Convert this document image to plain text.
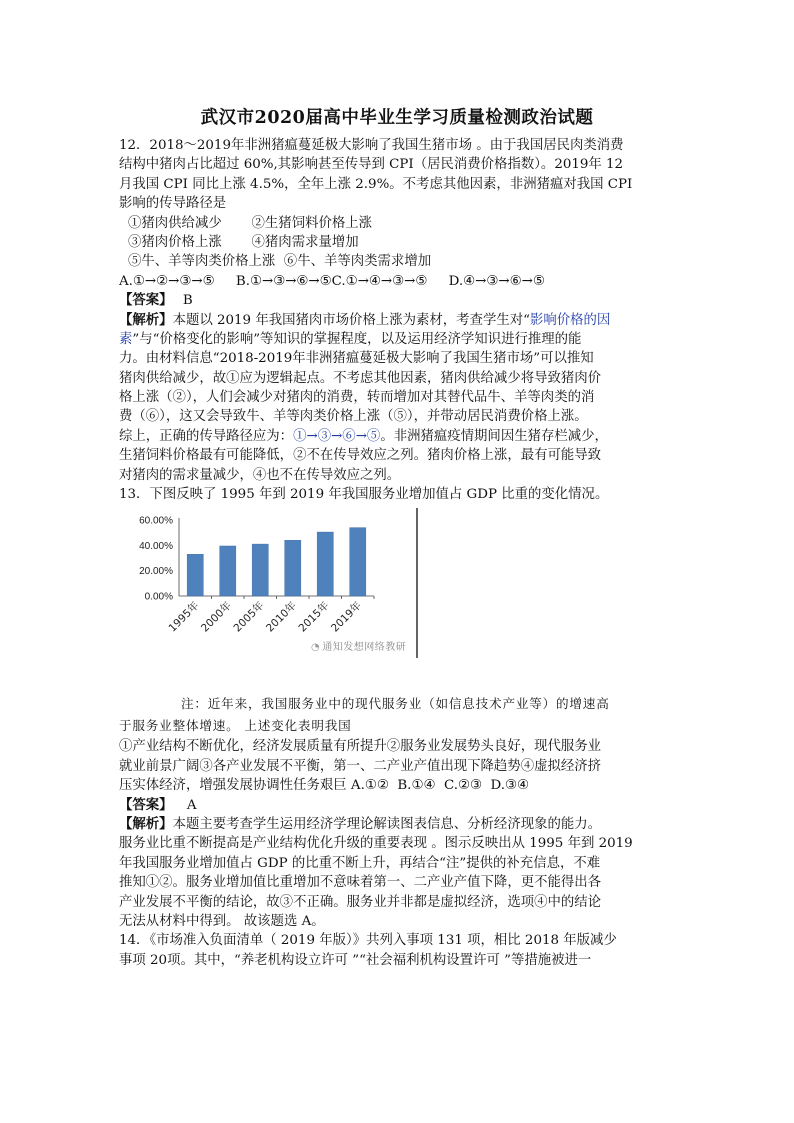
武汉市2020届高中毕业生学习质量检测政治试题
12．2018～2019年非洲猪瘟蔓延极大影响了我国生猪市场 。由于我国居民肉类消费
结构中猪肉占比超过 60%,其影响甚至传导到 CPI（居民消费价格指数）。2019年 12
月我国 CPI 同比上涨 4.5%，全年上涨 2.9%。不考虑其他因素，非洲猪瘟对我国 CPI
影响的传导路径是
①猪肉供给减少       ②生猪饲料价格上涨
③猪肉价格上涨       ④猪肉需求量增加
⑤牛、羊等肉类价格上涨  ⑥牛、羊等肉类需求增加
A.①→②→③→⑤     B.①→③→⑥→⑤C.①→④→③→⑤     D.④→③→⑥→⑤
【答案】 B
【解析】本题以 2019 年我国猪肉市场价格上涨为素材，考查学生对“影响价格的因
素”与“价格变化的影响”等知识的掌握程度，以及运用经济学知识进行推理的能
力。由材料信息“2018-2019年非洲猪瘟蔓延极大影响了我国生猪市场”可以推知
猪肉供给减少，故①应为逻辑起点。不考虑其他因素，猪肉供给减少将导致猪肉价
格上涨（②），人们会减少对猪肉的消费，转而增加对其替代品牛、羊等肉类的消
费（⑥），这又会导致牛、羊等肉类价格上涨（⑤），并带动居民消费价格上涨。
综上，正确的传导路径应为：①→③→⑥→⑤。非洲猪瘟疫情期间因生猪存栏减少，
生猪饲料价格最有可能降低，②不在传导效应之列。猪肉价格上涨，最有可能导致
对猪肉的需求量减少，④也不在传导效应之列。
13．下图反映了 1995 年到 2019 年我国服务业增加值占 GDP 比重的变化情况。
60.00%
40.00%
20.00%
0.00%
1995年
2000年
2005年
2010年
2015年
2019年
◔ 通知发想网络教研
注：近年来，我国服务业中的现代服务业（如信息技术产业等）的增速高
于服务业整体增速。 上述变化表明我国
①产业结构不断优化，经济发展质量有所提升②服务业发展势头良好，现代服务业
就业前景广阔③各产业发展不平衡，第一、二产业产值出现下降趋势④虚拟经济挤
压实体经济，增强发展协调性任务艰巨 A.①②  B.①④  C.②③  D.③④
【答案】 A
【解析】本题主要考查学生运用经济学理论解读图表信息、分析经济现象的能力。
服务业比重不断提高是产业结构优化升级的重要表现 。图示反映出从 1995 年到 2019
年我国服务业增加值占 GDP 的比重不断上升，再结合“注”提供的补充信息，不难
推知①②。服务业增加值比重增加不意味着第一、二产业产值下降，更不能得出各
产业发展不平衡的结论，故③不正确。服务业并非都是虚拟经济，选项④中的结论
无法从材料中得到。 故该题选 A。
14．《市场准入负面清单（ 2019 年版）》共列入事项 131 项，相比 2018 年版减少
事项 20项。其中，“养老机构设立许可 ”“社会福利机构设置许可 ”等措施被进一
